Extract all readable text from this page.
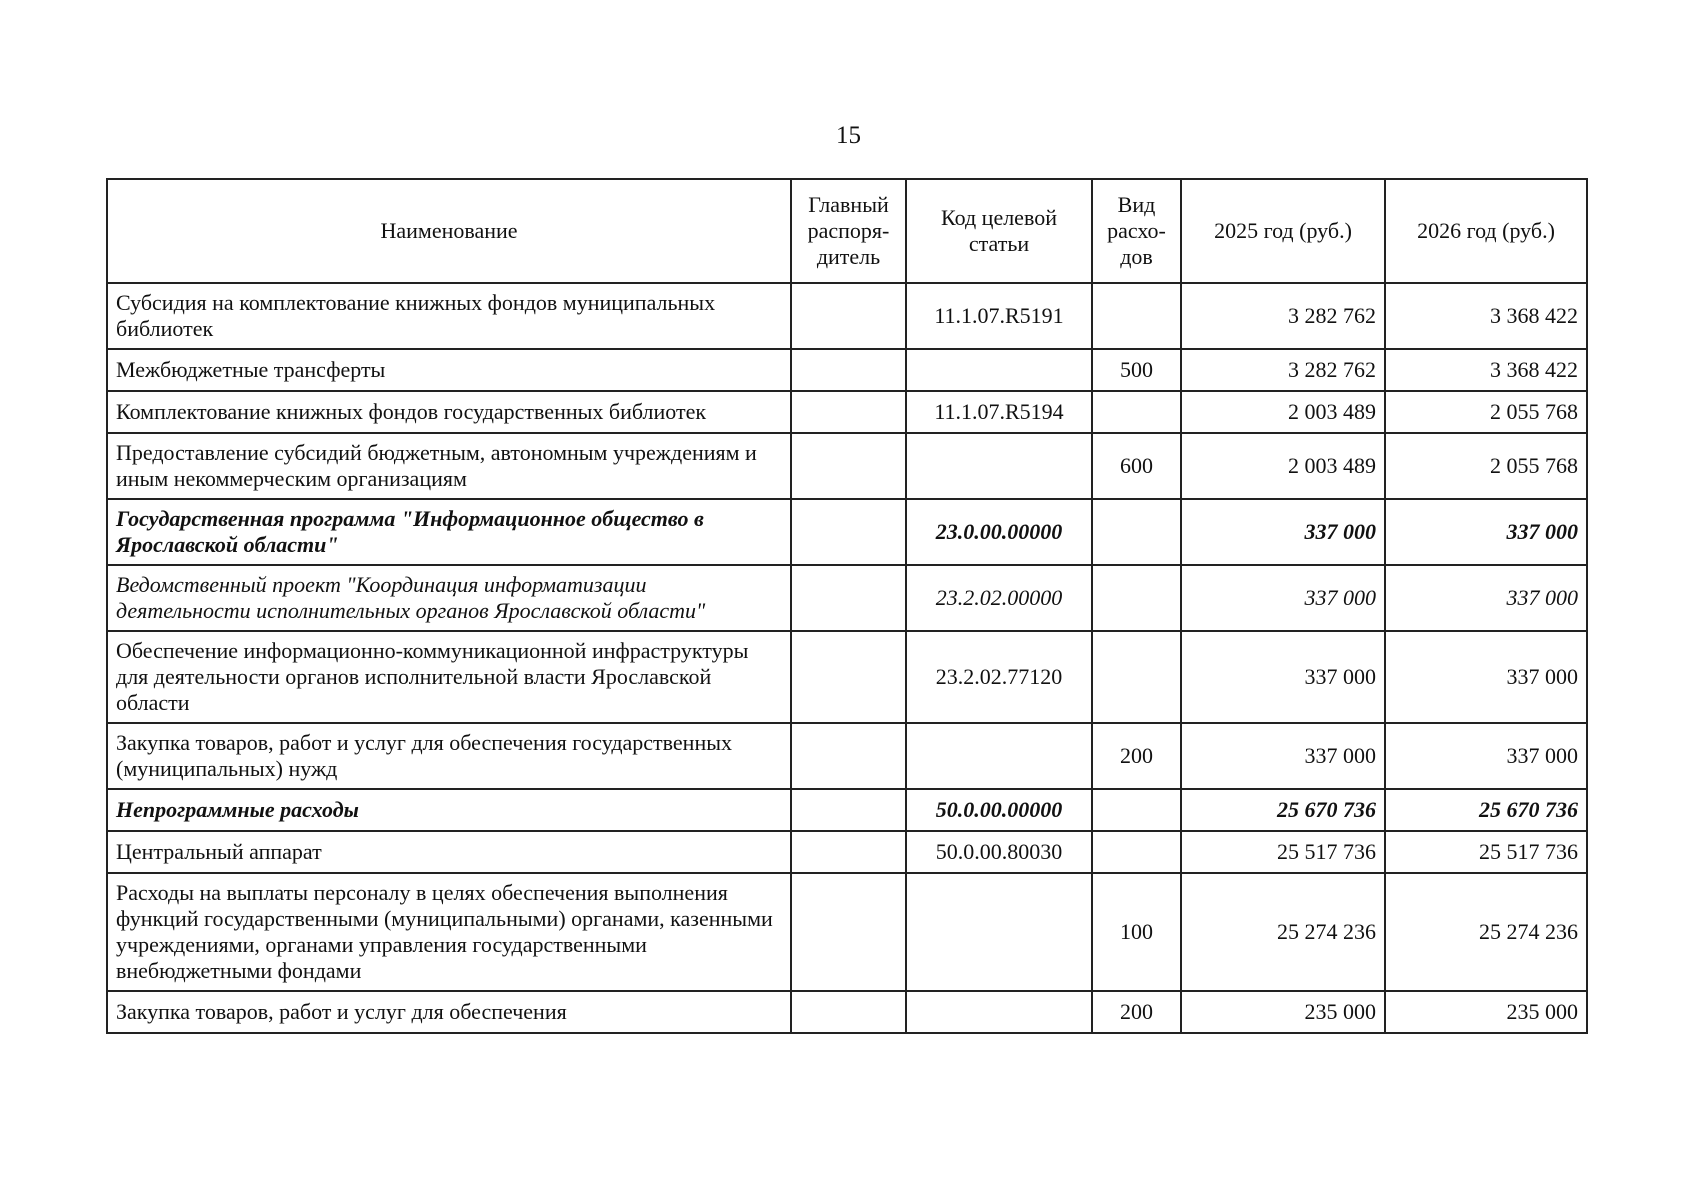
15
Наименование	Главный распоря-дитель	Код целевой статьи	Вид расхо-дов	2025 год (руб.)	2026 год (руб.)
Субсидия на комплектование книжных фондов муниципальных библиотек		11.1.07.R5191		3 282 762	3 368 422
Межбюджетные трансферты			500	3 282 762	3 368 422
Комплектование книжных фондов государственных библиотек		11.1.07.R5194		2 003 489	2 055 768
Предоставление субсидий бюджетным, автономным учреждениям и иным некоммерческим организациям			600	2 003 489	2 055 768
Государственная программа "Информационное общество в Ярославской области"		23.0.00.00000		337 000	337 000
Ведомственный проект "Координация информатизации деятельности исполнительных органов Ярославской области"		23.2.02.00000		337 000	337 000
Обеспечение информационно-коммуникационной инфраструктуры для деятельности органов исполнительной власти Ярославской области		23.2.02.77120		337 000	337 000
Закупка товаров, работ и услуг для обеспечения государственных (муниципальных) нужд			200	337 000	337 000
Непрограммные расходы		50.0.00.00000		25 670 736	25 670 736
Центральный аппарат		50.0.00.80030		25 517 736	25 517 736
Расходы на выплаты персоналу в целях обеспечения выполнения функций государственными (муниципальными) органами, казенными учреждениями, органами управления государственными внебюджетными фондами			100	25 274 236	25 274 236
Закупка товаров, работ и услуг для обеспечения			200	235 000	235 000
